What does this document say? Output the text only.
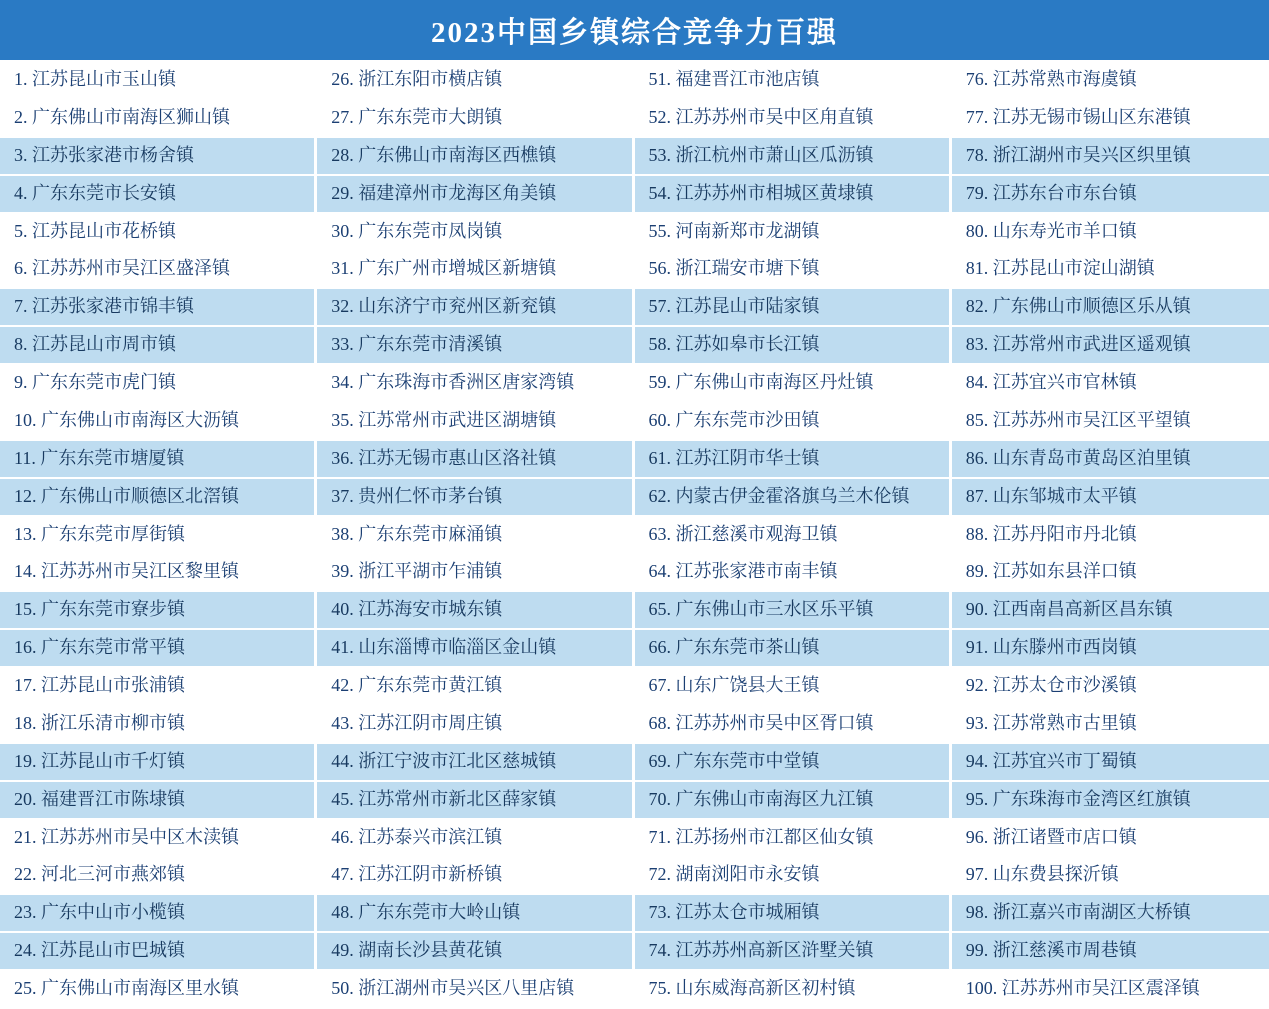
2023中国乡镇综合竞争力百强
1. 江苏昆山市玉山镇
2. 广东佛山市南海区狮山镇
3. 江苏张家港市杨舍镇
4. 广东东莞市长安镇
5. 江苏昆山市花桥镇
6. 江苏苏州市吴江区盛泽镇
7. 江苏张家港市锦丰镇
8. 江苏昆山市周市镇
9. 广东东莞市虎门镇
10. 广东佛山市南海区大沥镇
11. 广东东莞市塘厦镇
12. 广东佛山市顺德区北滘镇
13. 广东东莞市厚街镇
14. 江苏苏州市吴江区黎里镇
15. 广东东莞市寮步镇
16. 广东东莞市常平镇
17. 江苏昆山市张浦镇
18. 浙江乐清市柳市镇
19. 江苏昆山市千灯镇
20. 福建晋江市陈埭镇
21. 江苏苏州市吴中区木渎镇
22. 河北三河市燕郊镇
23. 广东中山市小榄镇
24. 江苏昆山市巴城镇
25. 广东佛山市南海区里水镇
26. 浙江东阳市横店镇
27. 广东东莞市大朗镇
28. 广东佛山市南海区西樵镇
29. 福建漳州市龙海区角美镇
30. 广东东莞市凤岗镇
31. 广东广州市增城区新塘镇
32. 山东济宁市兖州区新兖镇
33. 广东东莞市清溪镇
34. 广东珠海市香洲区唐家湾镇
35. 江苏常州市武进区湖塘镇
36. 江苏无锡市惠山区洛社镇
37. 贵州仁怀市茅台镇
38. 广东东莞市麻涌镇
39. 浙江平湖市乍浦镇
40. 江苏海安市城东镇
41. 山东淄博市临淄区金山镇
42. 广东东莞市黄江镇
43. 江苏江阴市周庄镇
44. 浙江宁波市江北区慈城镇
45. 江苏常州市新北区薛家镇
46. 江苏泰兴市滨江镇
47. 江苏江阴市新桥镇
48. 广东东莞市大岭山镇
49. 湖南长沙县黄花镇
50. 浙江湖州市吴兴区八里店镇
51. 福建晋江市池店镇
52. 江苏苏州市吴中区甪直镇
53. 浙江杭州市萧山区瓜沥镇
54. 江苏苏州市相城区黄埭镇
55. 河南新郑市龙湖镇
56. 浙江瑞安市塘下镇
57. 江苏昆山市陆家镇
58. 江苏如皋市长江镇
59. 广东佛山市南海区丹灶镇
60. 广东东莞市沙田镇
61. 江苏江阴市华士镇
62. 内蒙古伊金霍洛旗乌兰木伦镇
63. 浙江慈溪市观海卫镇
64. 江苏张家港市南丰镇
65. 广东佛山市三水区乐平镇
66. 广东东莞市茶山镇
67. 山东广饶县大王镇
68. 江苏苏州市吴中区胥口镇
69. 广东东莞市中堂镇
70. 广东佛山市南海区九江镇
71. 江苏扬州市江都区仙女镇
72. 湖南浏阳市永安镇
73. 江苏太仓市城厢镇
74. 江苏苏州高新区浒墅关镇
75. 山东威海高新区初村镇
76. 江苏常熟市海虞镇
77. 江苏无锡市锡山区东港镇
78. 浙江湖州市吴兴区织里镇
79. 江苏东台市东台镇
80. 山东寿光市羊口镇
81. 江苏昆山市淀山湖镇
82. 广东佛山市顺德区乐从镇
83. 江苏常州市武进区遥观镇
84. 江苏宜兴市官林镇
85. 江苏苏州市吴江区平望镇
86. 山东青岛市黄岛区泊里镇
87. 山东邹城市太平镇
88. 江苏丹阳市丹北镇
89. 江苏如东县洋口镇
90. 江西南昌高新区昌东镇
91. 山东滕州市西岗镇
92. 江苏太仓市沙溪镇
93. 江苏常熟市古里镇
94. 江苏宜兴市丁蜀镇
95. 广东珠海市金湾区红旗镇
96. 浙江诸暨市店口镇
97. 山东费县探沂镇
98. 浙江嘉兴市南湖区大桥镇
99. 浙江慈溪市周巷镇
100. 江苏苏州市吴江区震泽镇
